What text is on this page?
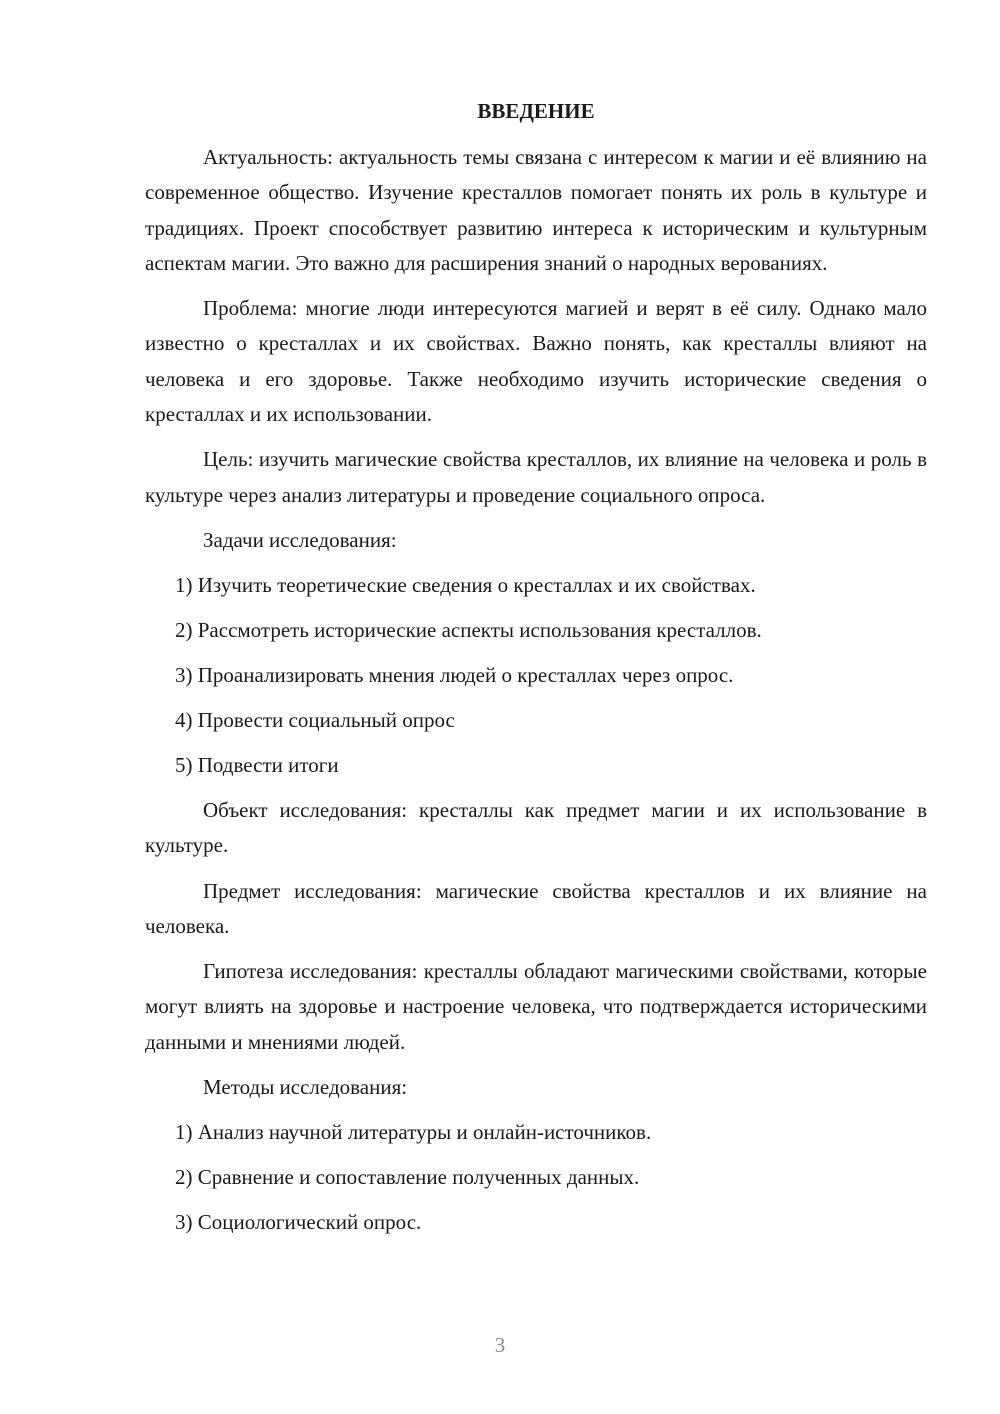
ВВЕДЕНИЕ

Актуальность: актуальность темы связана с интересом к магии и её влиянию на современное общество. Изучение кресталлов помогает понять их роль в культуре и традициях. Проект способствует развитию интереса к историческим и культурным аспектам магии. Это важно для расширения знаний о народных верованиях.

Проблема: многие люди интересуются магией и верят в её силу. Однако мало известно о кресталлах и их свойствах. Важно понять, как кресталлы влияют на человека и его здоровье. Также необходимо изучить исторические сведения о кресталлах и их использовании.

Цель: изучить магические свойства кресталлов, их влияние на человека и роль в культуре через анализ литературы и проведение социального опроса.

Задачи исследования:

1) Изучить теоретические сведения о кресталлах и их свойствах.
2) Рассмотреть исторические аспекты использования кресталлов.
3) Проанализировать мнения людей о кресталлах через опрос.
4) Провести социальный опрос
5) Подвести итоги

Объект исследования: кресталлы как предмет магии и их использование в культуре.

Предмет исследования: магические свойства кресталлов и их влияние на человека.

Гипотеза исследования: кресталлы обладают магическими свойствами, которые могут влиять на здоровье и настроение человека, что подтверждается историческими данными и мнениями людей.

Методы исследования:

1) Анализ научной литературы и онлайн-источников.
2) Сравнение и сопоставление полученных данных.
3) Социологический опрос.
3
